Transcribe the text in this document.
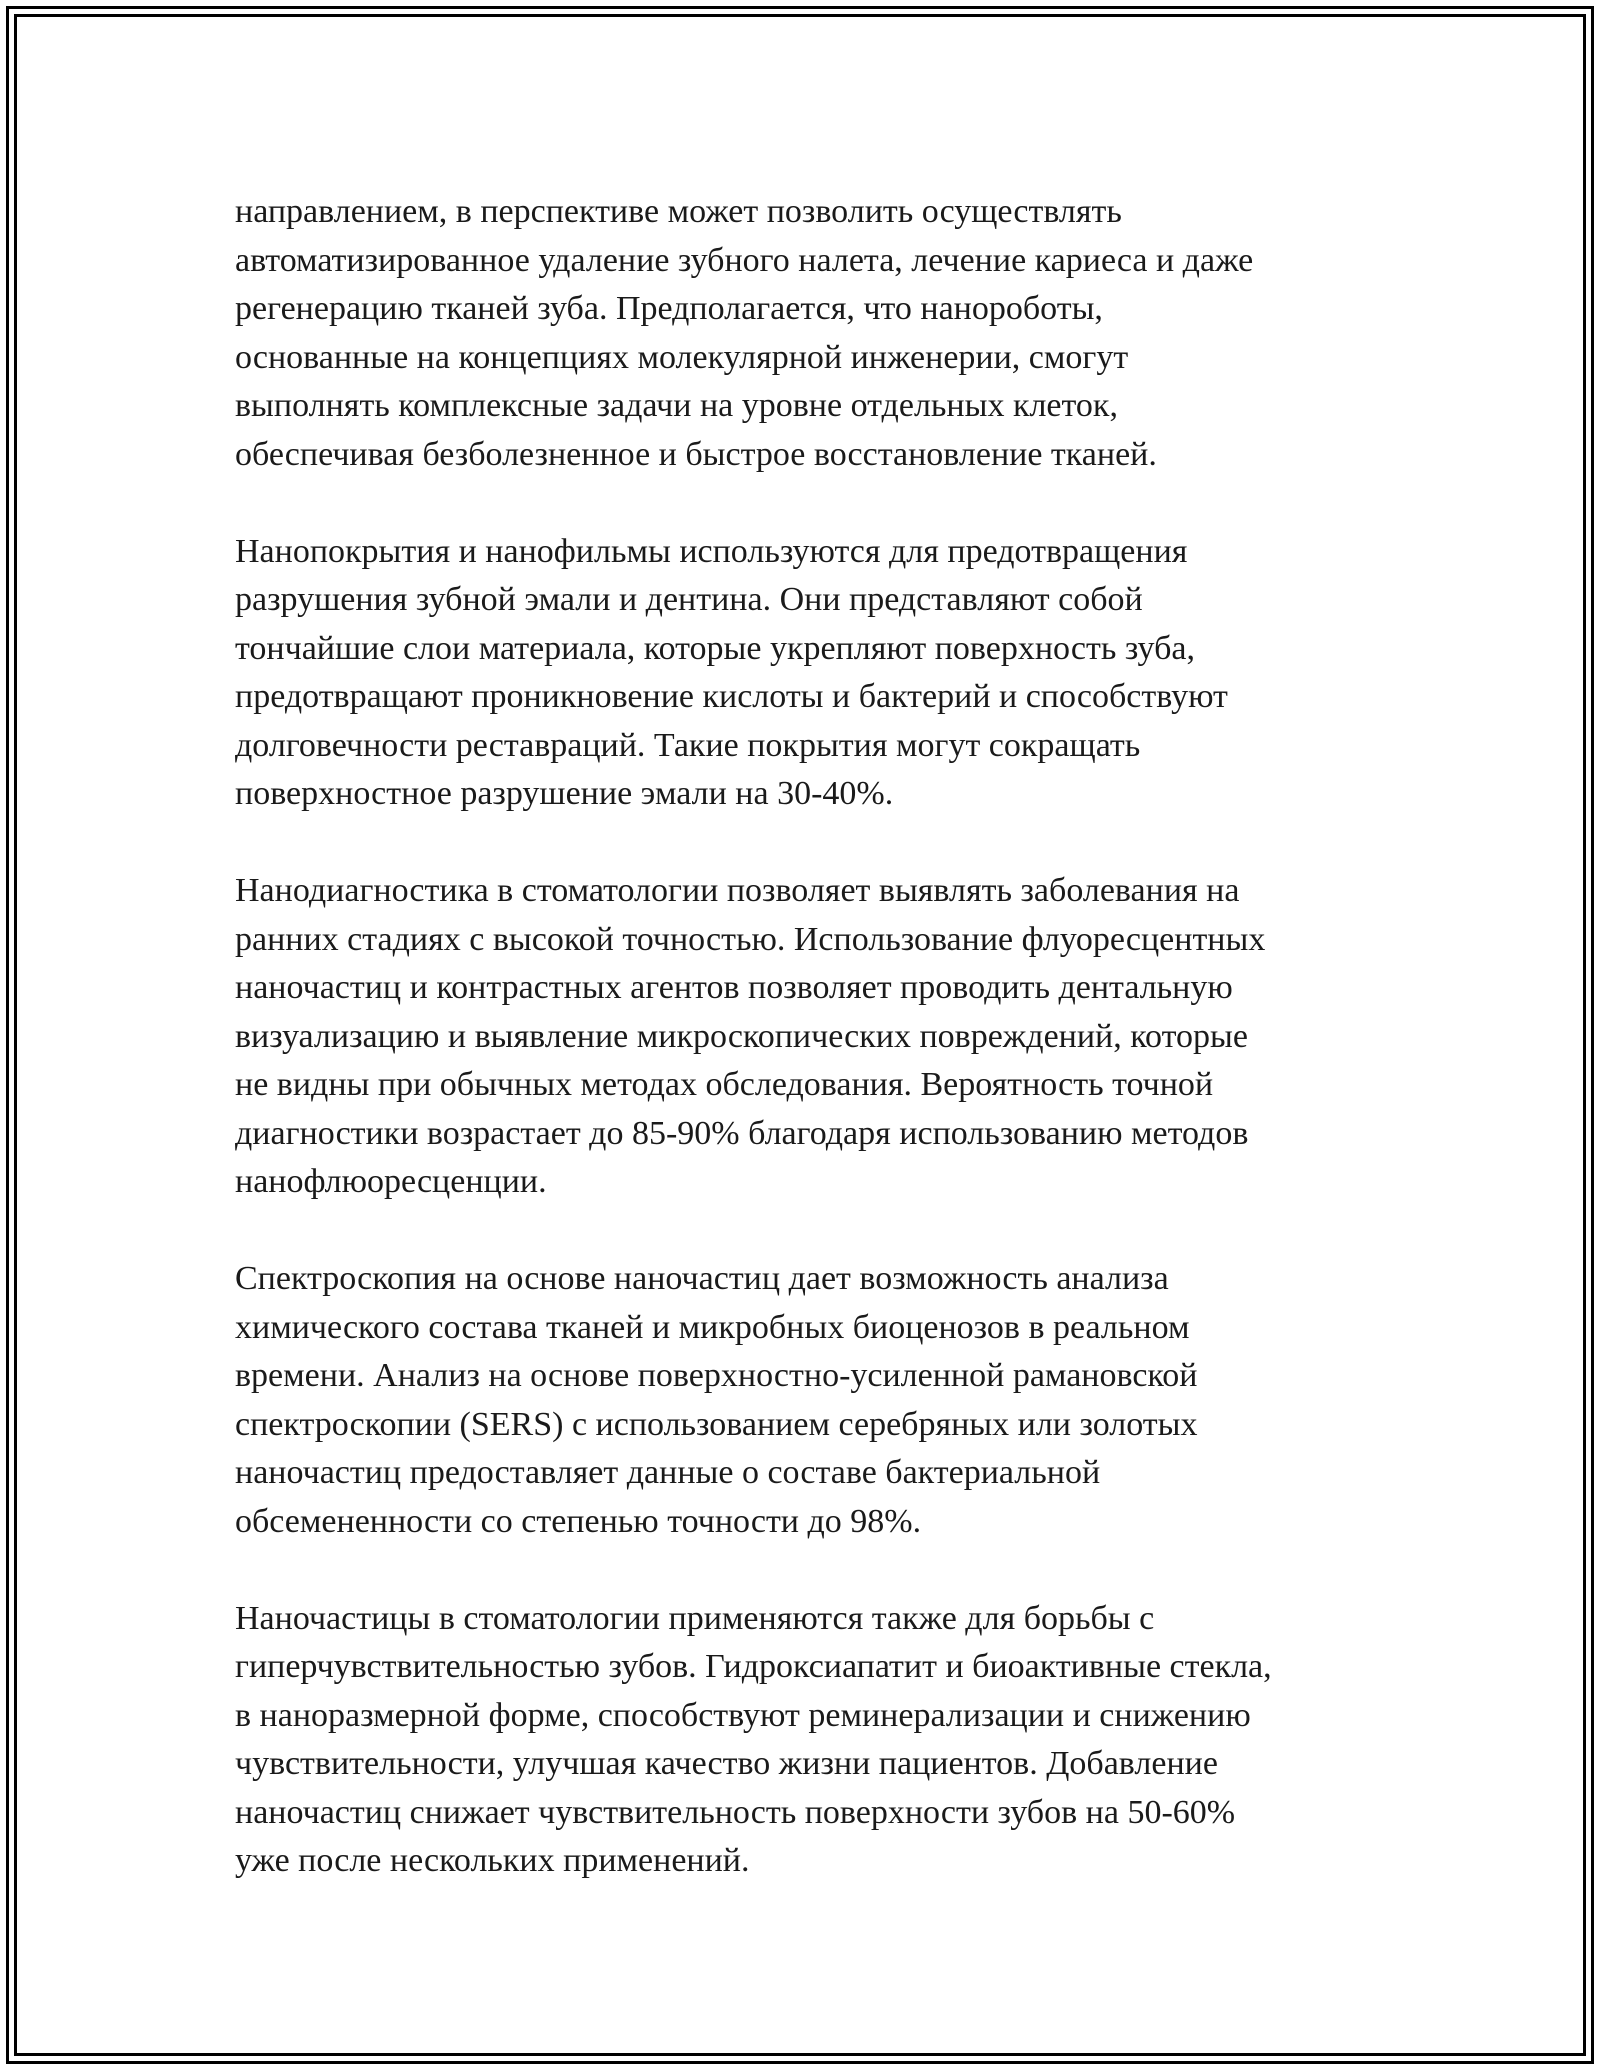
направлением, в перспективе может позволить осуществлять
автоматизированное удаление зубного налета, лечение кариеса и даже
регенерацию тканей зуба. Предполагается, что нанороботы,
основанные на концепциях молекулярной инженерии, смогут
выполнять комплексные задачи на уровне отдельных клеток,
обеспечивая безболезненное и быстрое восстановление тканей.

Нанопокрытия и нанофильмы используются для предотвращения
разрушения зубной эмали и дентина. Они представляют собой
тончайшие слои материала, которые укрепляют поверхность зуба,
предотвращают проникновение кислоты и бактерий и способствуют
долговечности реставраций. Такие покрытия могут сокращать
поверхностное разрушение эмали на 30-40%.

Нанодиагностика в стоматологии позволяет выявлять заболевания на
ранних стадиях с высокой точностью. Использование флуоресцентных
наночастиц и контрастных агентов позволяет проводить дентальную
визуализацию и выявление микроскопических повреждений, которые
не видны при обычных методах обследования. Вероятность точной
диагностики возрастает до 85-90% благодаря использованию методов
нанофлюоресценции.

Спектроскопия на основе наночастиц дает возможность анализа
химического состава тканей и микробных биоценозов в реальном
времени. Анализ на основе поверхностно-усиленной рамановской
спектроскопии (SERS) с использованием серебряных или золотых
наночастиц предоставляет данные о составе бактериальной
обсемененности со степенью точности до 98%.

Наночастицы в стоматологии применяются также для борьбы с
гиперчувствительностью зубов. Гидроксиапатит и биоактивные стекла,
в наноразмерной форме, способствуют реминерализации и снижению
чувствительности, улучшая качество жизни пациентов. Добавление
наночастиц снижает чувствительность поверхности зубов на 50-60%
уже после нескольких применений.
